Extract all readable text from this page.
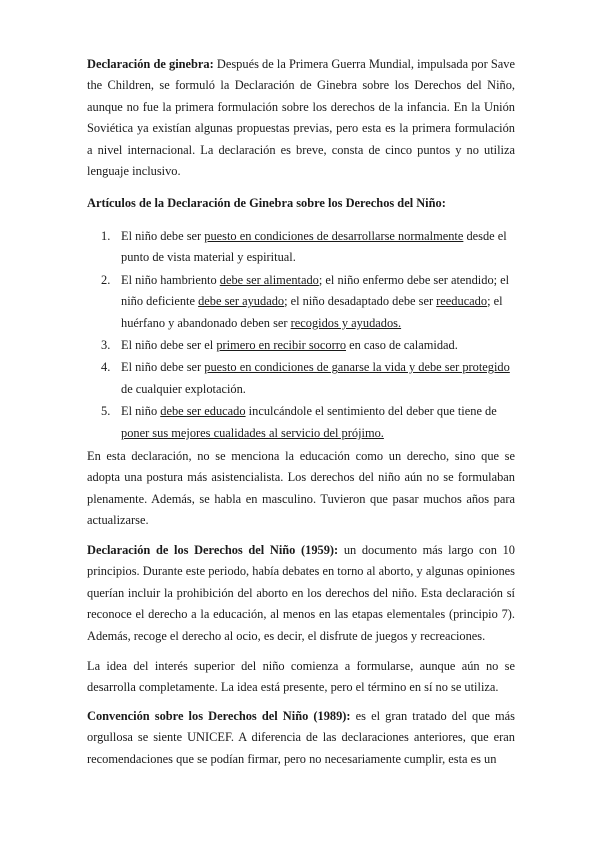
Declaración de ginebra: Después de la Primera Guerra Mundial, impulsada por Save the Children, se formuló la Declaración de Ginebra sobre los Derechos del Niño, aunque no fue la primera formulación sobre los derechos de la infancia. En la Unión Soviética ya existían algunas propuestas previas, pero esta es la primera formulación a nivel internacional. La declaración es breve, consta de cinco puntos y no utiliza lenguaje inclusivo.

Artículos de la Declaración de Ginebra sobre los Derechos del Niño:

1. El niño debe ser puesto en condiciones de desarrollarse normalmente desde el punto de vista material y espiritual.
2. El niño hambriento debe ser alimentado; el niño enfermo debe ser atendido; el niño deficiente debe ser ayudado; el niño desadaptado debe ser reeducado; el huérfano y abandonado deben ser recogidos y ayudados.
3. El niño debe ser el primero en recibir socorro en caso de calamidad.
4. El niño debe ser puesto en condiciones de ganarse la vida y debe ser protegido de cualquier explotación.
5. El niño debe ser educado inculcándole el sentimiento del deber que tiene de poner sus mejores cualidades al servicio del prójimo.

En esta declaración, no se menciona la educación como un derecho, sino que se adopta una postura más asistencialista. Los derechos del niño aún no se formulaban plenamente. Además, se habla en masculino. Tuvieron que pasar muchos años para actualizarse.

Declaración de los Derechos del Niño (1959): un documento más largo con 10 principios. Durante este periodo, había debates en torno al aborto, y algunas opiniones querían incluir la prohibición del aborto en los derechos del niño. Esta declaración sí reconoce el derecho a la educación, al menos en las etapas elementales (principio 7). Además, recoge el derecho al ocio, es decir, el disfrute de juegos y recreaciones.

La idea del interés superior del niño comienza a formularse, aunque aún no se desarrolla completamente. La idea está presente, pero el término en sí no se utiliza.

Convención sobre los Derechos del Niño (1989): es el gran tratado del que más orgullosa se siente UNICEF. A diferencia de las declaraciones anteriores, que eran recomendaciones que se podían firmar, pero no necesariamente cumplir, esta es un
